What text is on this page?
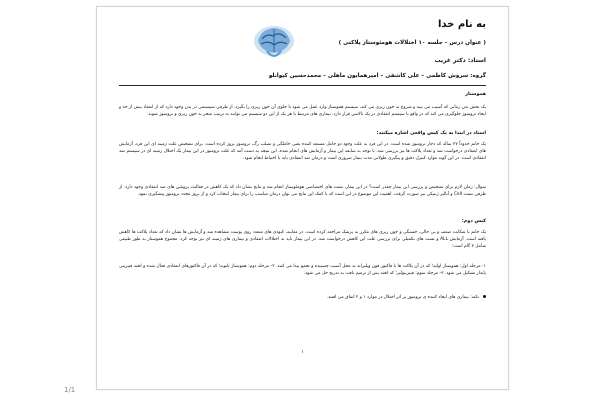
به نام خدا
( عنوان درس – جلسه ۱۰ اختلالات هومئوستاز پلاکتی )
استاد: دکتر غریب
گروه: سروش کاظمی – علی کاشفی – امیرهمایون ماهلی – محمدحسین کیوانلو
هموستاز
یک بخش بدن زمانی که آسیب می بیند و شروع به خون ریزی می کند، سیستم هموستاز وارد عمل می شود تا جلوی آن خون ریزی را بگیرد. از طرفی سیستمی در بدن وجود دارد که از انعقاد بیش از حد و ایجاد ترومبوز جلوگیری می کند که در واقع با سیستم انعقادی در یک بالانس قرار دارد. بیماری های مرتبط با هر یک از این دو سیستم می توانند به ترتیب منجر به خون ریزی و ترومبوز شوند.
استاد در ابتدا به یک کیس واقعی اشاره میکنند:
یک خانم حدوداً ۲۷ ساله که دچار ترومبوز شده است. در این فرد به علت وجود دو حامل مستعد کننده یعنی حاملگی و تصلب رگ، ترومبوز بروز کرده است. برای تشخیص علت زمینه ای این فرد، آزمایش های انعقادی درخواست شد و تعداد پلاکت ها نیز بررسی شد. با توجه به سابقه این بیمار و آزمایش های انجام شده، این نتیجه به دست آمد که علت ترومبوز در این بیمار یک اختلال زمینه ای در سیستم ضد انعقادی است. در این گونه موارد کنترل دقیق و پیگیری طولانی مدت بیمار ضروری است و درمان ضد انعقادی باید با احتیاط انجام شود.
سوال: زمان لازم برای تشخیص و بررسی این بیمار چقدر است؟ در این بیمار، تست های اختصاصی هومئوستاز انجام شد و نتایج نشان داد که یک کاهش در فعالیت پروتئین های ضد انعقادی وجود دارد. از طرفی تست Cell و آنالیز ژنتیکی نیز صورت گرفت. اهمیت این موضوع در این است که با کمک این نتایج می توان درمان مناسب را برای بیمار انتخاب کرد و از بروز مجدد ترومبوز پیشگیری نمود.
کیس دوم:
یک خانم با شکایت ضعف و بی حالی، خستگی و خون ریزی های مکرر به پزشک مراجعه کرده است. در معاینه، کبودی های متعدد روی پوست مشاهده شد و آزمایش ها نشان داد که تعداد پلاکت ها کاهش یافته است. آزمایش ALL و تست های تکمیلی برای بررسی علت این کاهش درخواست شد. در این بیمار باید به اختلالات انعقادی و بیماری های زمینه ای نیز توجه کرد. مجموع هموستاز به طور طبیعی شامل ۳ گام است:
۱- مرحله اول: هموستاز اولیه؛ که در آن پلاکت ها با فاکتور فون ویلبراند به محل آسیب چسبیده و تجمع پیدا می کنند. ۲- مرحله دوم: هموستاز ثانویه؛ که در آن فاکتورهای انعقادی فعال شده و لخته فیبرینی پایدار تشکیل می شود. ۳- مرحله سوم: فیبرینولیز؛ که لخته پس از ترمیم بافت به تدریج حل می شود.
نکته: بیماری های ایجاد کننده ی ترومبوز پر اثر اختلال در موارد ۱ و ۲ اتفاق می افتند.
۱
1/1
